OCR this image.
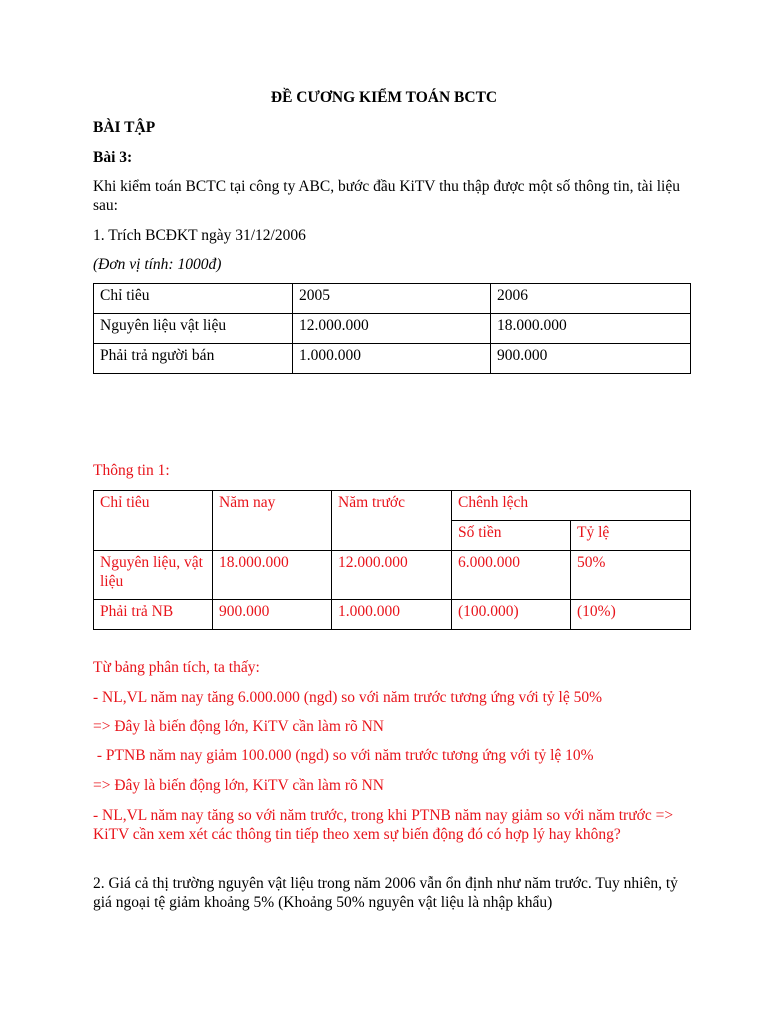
ĐỀ CƯƠNG KIỂM TOÁN BCTC
BÀI TẬP
Bài 3:
Khi kiểm toán BCTC tại công ty ABC, bước đầu KiTV thu thập được một số thông tin, tài liệu sau:
1. Trích BCĐKT ngày 31/12/2006
(Đơn vị tính: 1000đ)
Chỉ tiêu	2005	2006
Nguyên liệu vật liệu	12.000.000	18.000.000
Phải trả người bán	1.000.000	900.000
Thông tin 1:
Chỉ tiêu	Năm nay	Năm trước	Chênh lệch	
			Số tiền	Tỷ lệ
Nguyên liệu, vật liệu	18.000.000	12.000.000	6.000.000	50%
Phải trả NB	900.000	1.000.000	(100.000)	(10%)
Từ bảng phân tích, ta thấy:
- NL,VL năm nay tăng 6.000.000 (ngd) so với năm trước tương ứng với tỷ lệ 50%
=> Đây là biến động lớn, KiTV cần làm rõ NN
- PTNB năm nay giảm 100.000 (ngd) so với năm trước tương ứng với tỷ lệ 10%
=> Đây là biến động lớn, KiTV cần làm rõ NN
- NL,VL năm nay tăng so với năm trước, trong khi PTNB năm nay giảm so với năm trước => KiTV cần xem xét các thông tin tiếp theo xem sự biến động đó có hợp lý hay không?
2. Giá cả thị trường nguyên vật liệu trong năm 2006 vẫn ổn định như năm trước. Tuy nhiên, tỷ giá ngoại tệ giảm khoảng 5% (Khoảng 50% nguyên vật liệu là nhập khẩu)
